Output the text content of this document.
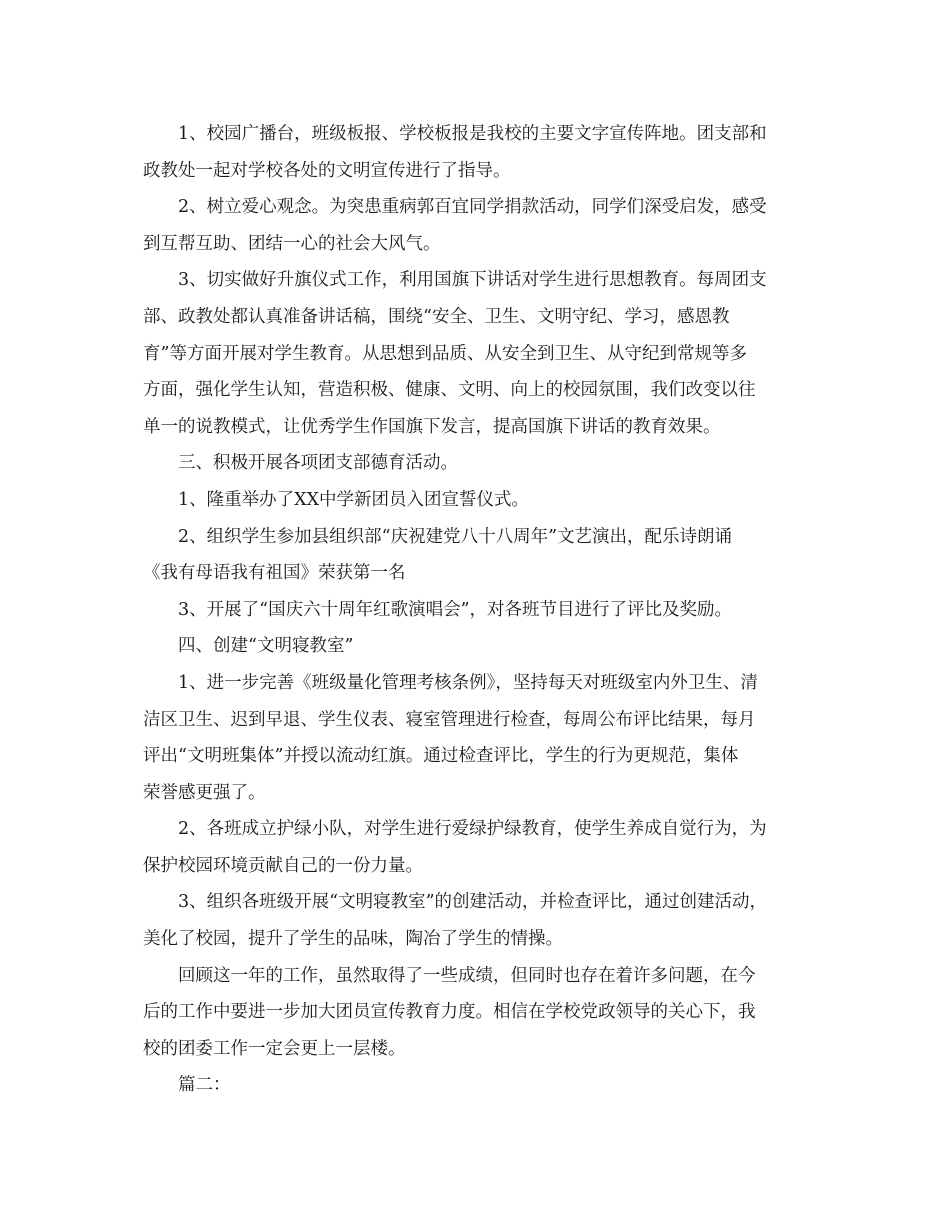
1、校园广播台，班级板报、学校板报是我校的主要文字宣传阵地。团支部和
政教处一起对学校各处的文明宣传进行了指导。
2、树立爱心观念。为突患重病郭百宜同学捐款活动，同学们深受启发，感受
到互帮互助、团结一心的社会大风气。
3、切实做好升旗仪式工作，利用国旗下讲话对学生进行思想教育。每周团支
部、政教处都认真准备讲话稿，围绕“安全、卫生、文明守纪、学习，感恩教
育”等方面开展对学生教育。从思想到品质、从安全到卫生、从守纪到常规等多
方面，强化学生认知，营造积极、健康、文明、向上的校园氛围，我们改变以往
单一的说教模式，让优秀学生作国旗下发言，提高国旗下讲话的教育效果。
三、积极开展各项团支部德育活动。
1、隆重举办了XX中学新团员入团宣誓仪式。
2、组织学生参加县组织部“庆祝建党八十八周年”文艺演出，配乐诗朗诵
《我有母语我有祖国》荣获第一名
3、开展了“国庆六十周年红歌演唱会”，对各班节目进行了评比及奖励。
四、创建“文明寝教室”
1、进一步完善《班级量化管理考核条例》，坚持每天对班级室内外卫生、清
洁区卫生、迟到早退、学生仪表、寝室管理进行检查，每周公布评比结果，每月
评出“文明班集体”并授以流动红旗。通过检查评比，学生的行为更规范，集体
荣誉感更强了。
2、各班成立护绿小队，对学生进行爱绿护绿教育，使学生养成自觉行为，为
保护校园环境贡献自己的一份力量。
3、组织各班级开展“文明寝教室”的创建活动，并检查评比，通过创建活动，
美化了校园，提升了学生的品味，陶冶了学生的情操。
回顾这一年的工作，虽然取得了一些成绩，但同时也存在着许多问题，在今
后的工作中要进一步加大团员宣传教育力度。相信在学校党政领导的关心下，我
校的团委工作一定会更上一层楼。
篇二：
